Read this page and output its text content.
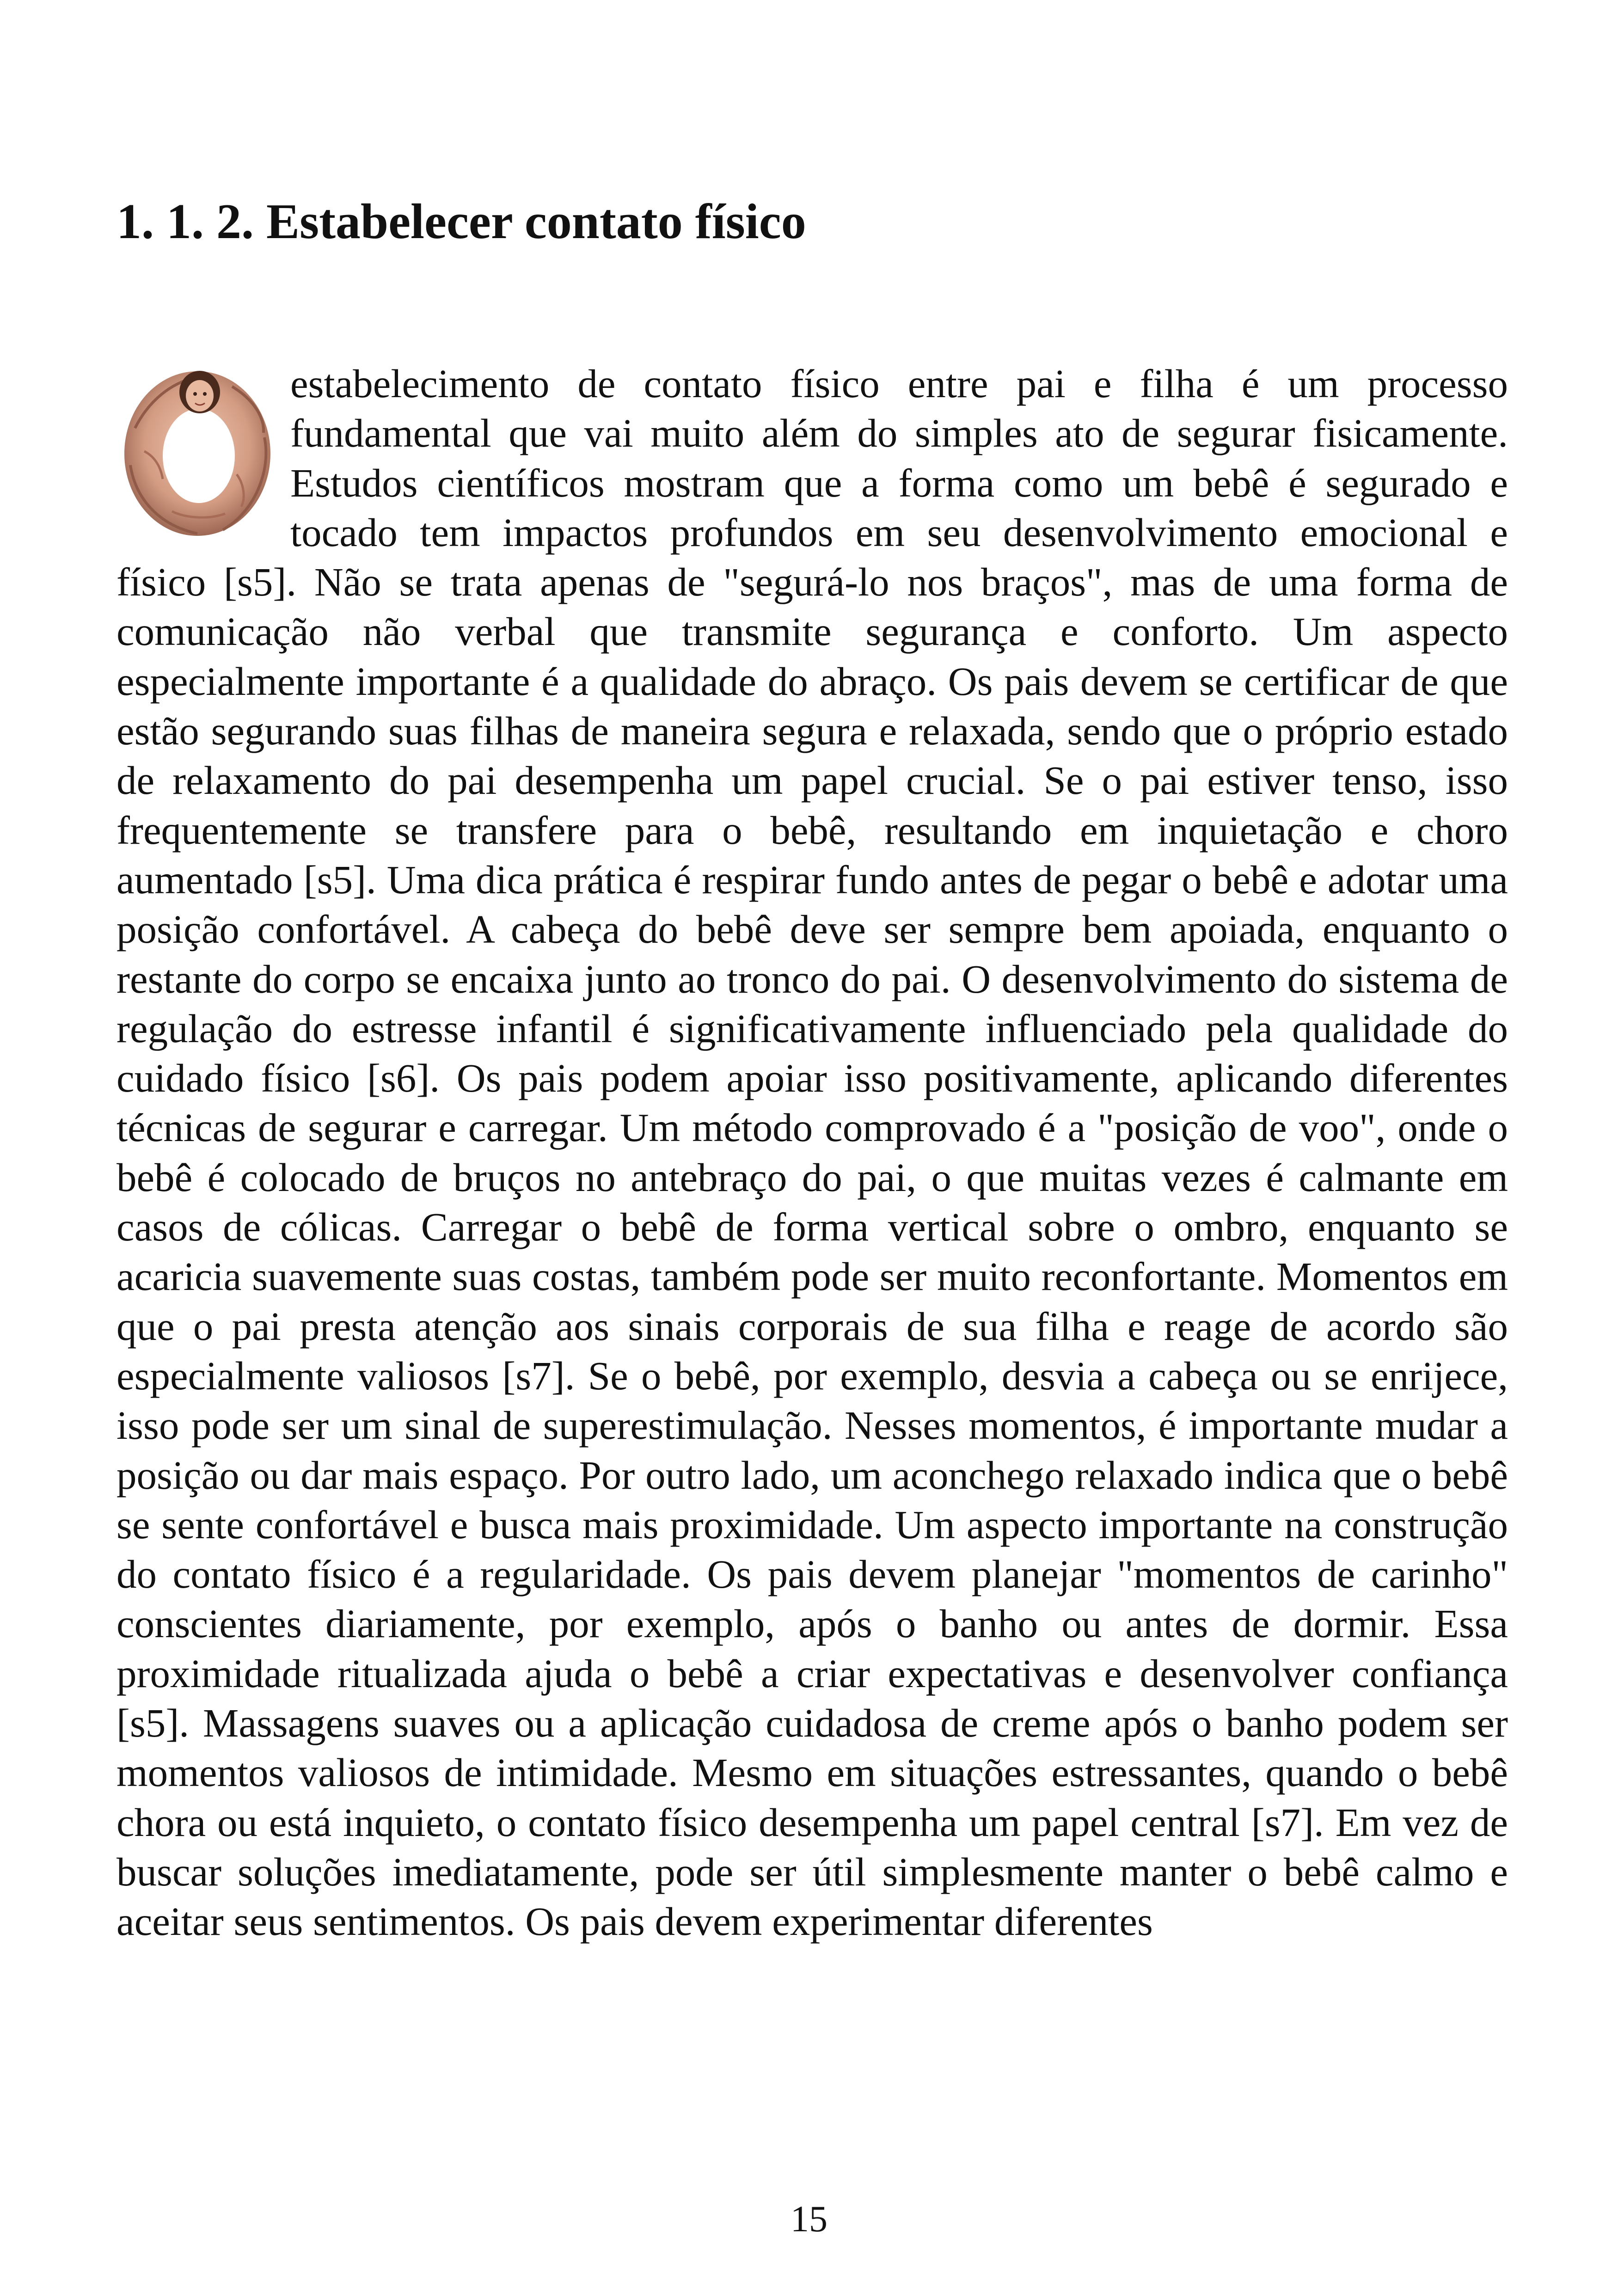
1. 1. 2. Estabelecer contato físico
estabelecimento de contato físico entre pai e filha é um processo fundamental que vai muito além do simples ato de segurar fisicamente. Estudos científicos mostram que a forma como um bebê é segurado e tocado tem impactos profundos em seu desenvolvimento emocional e físico [s5]. Não se trata apenas de "segurá-lo nos braços", mas de uma forma de comunicação não verbal que transmite segurança e conforto. Um aspecto especialmente importante é a qualidade do abraço. Os pais devem se certificar de que estão segurando suas filhas de maneira segura e relaxada, sendo que o próprio estado de relaxamento do pai desempenha um papel crucial. Se o pai estiver tenso, isso frequentemente se transfere para o bebê, resultando em inquietação e choro aumentado [s5]. Uma dica prática é respirar fundo antes de pegar o bebê e adotar uma posição confortável. A cabeça do bebê deve ser sempre bem apoiada, enquanto o restante do corpo se encaixa junto ao tronco do pai. O desenvolvimento do sistema de regulação do estresse infantil é significativamente influenciado pela qualidade do cuidado físico [s6]. Os pais podem apoiar isso positivamente, aplicando diferentes técnicas de segurar e carregar. Um método comprovado é a "posição de voo", onde o bebê é colocado de bruços no antebraço do pai, o que muitas vezes é calmante em casos de cólicas. Carregar o bebê de forma vertical sobre o ombro, enquanto se acaricia suavemente suas costas, também pode ser muito reconfortante. Momentos em que o pai presta atenção aos sinais corporais de sua filha e reage de acordo são especialmente valiosos [s7]. Se o bebê, por exemplo, desvia a cabeça ou se enrijece, isso pode ser um sinal de superestimulação. Nesses momentos, é importante mudar a posição ou dar mais espaço. Por outro lado, um aconchego relaxado indica que o bebê se sente confortável e busca mais proximidade. Um aspecto importante na construção do contato físico é a regularidade. Os pais devem planejar "momentos de carinho" conscientes diariamente, por exemplo, após o banho ou antes de dormir. Essa proximidade ritualizada ajuda o bebê a criar expectativas e desenvolver confiança [s5]. Massagens suaves ou a aplicação cuidadosa de creme após o banho podem ser momentos valiosos de intimidade. Mesmo em situações estressantes, quando o bebê chora ou está inquieto, o contato físico desempenha um papel central [s7]. Em vez de buscar soluções imediatamente, pode ser útil simplesmente manter o bebê calmo e aceitar seus sentimentos. Os pais devem experimentar diferentes
15
